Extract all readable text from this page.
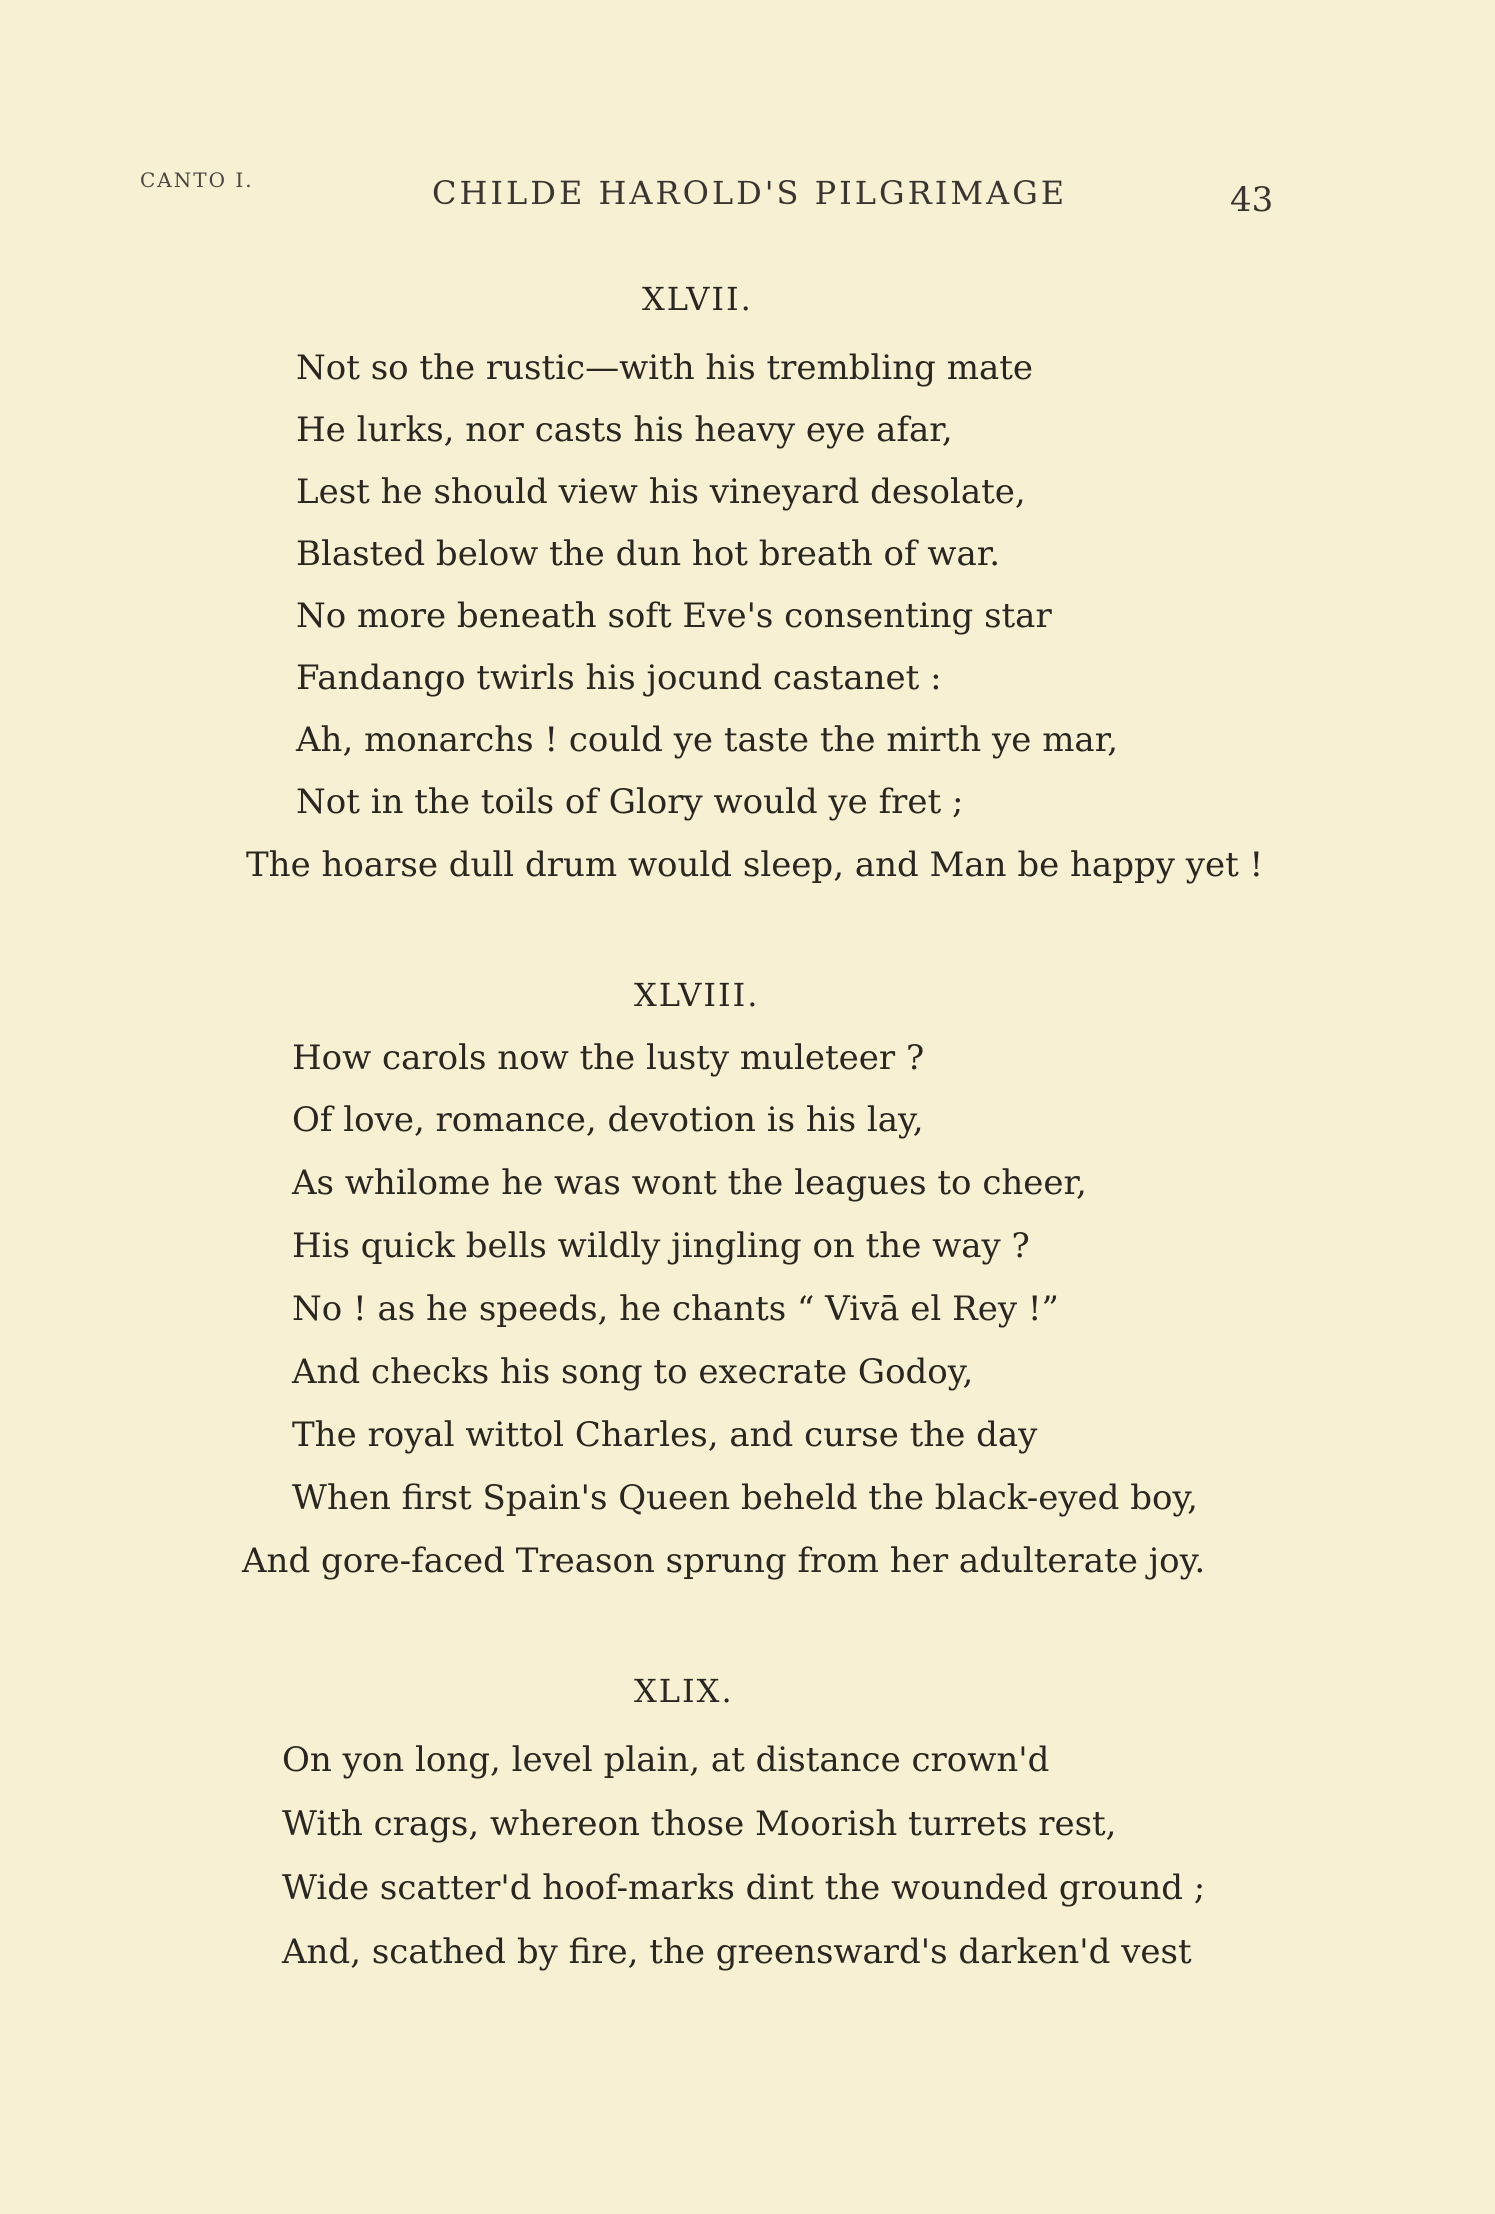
CANTO I.	CHILDE HAROLD'S PILGRIMAGE	43
XLVII.
Not so the rustic—with his trembling mate
He lurks, nor casts his heavy eye afar,
Lest he should view his vineyard desolate,
Blasted below the dun hot breath of war.
No more beneath soft Eve's consenting star
Fandango twirls his jocund castanet :
Ah, monarchs ! could ye taste the mirth ye mar,
Not in the toils of Glory would ye fret ;
The hoarse dull drum would sleep, and Man be happy yet !
XLVIII.
How carols now the lusty muleteer ?
Of love, romance, devotion is his lay,
As whilome he was wont the leagues to cheer,
His quick bells wildly jingling on the way ?
No ! as he speeds, he chants “ Vivā el Rey !”
And checks his song to execrate Godoy,
The royal wittol Charles, and curse the day
When first Spain's Queen beheld the black-eyed boy,
And gore-faced Treason sprung from her adulterate joy.
XLIX.
On yon long, level plain, at distance crown'd
With crags, whereon those Moorish turrets rest,
Wide scatter'd hoof-marks dint the wounded ground ;
And, scathed by fire, the greensward's darken'd vest
